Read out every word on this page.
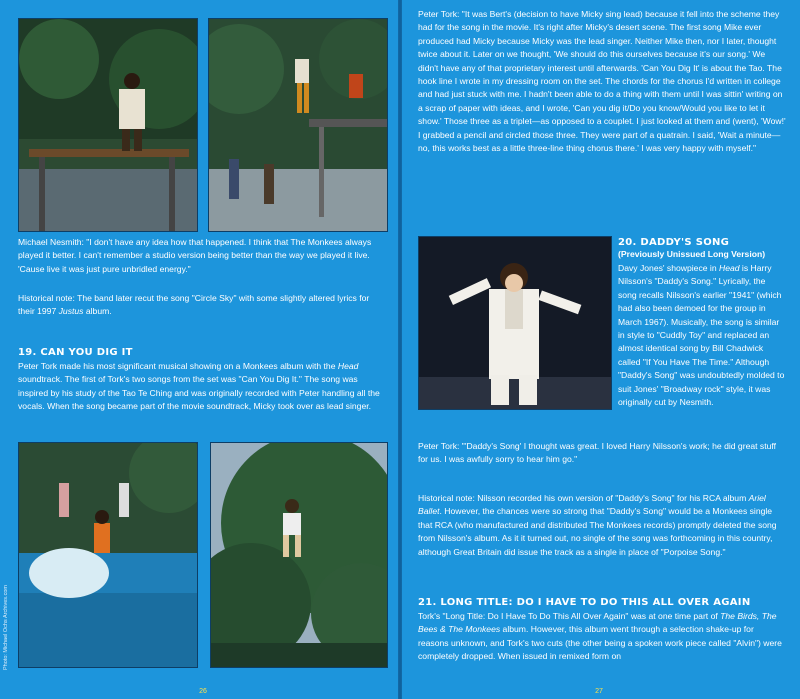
Michael Nesmith: "I don't have any idea how that happened. I think that The Monkees always played it better. I can't remember a studio version being better than the way we played it live. 'Cause live it was just pure unbridled energy."

Historical note: The band later recut the song "Circle Sky" with some slightly altered lyrics for their 1997 Justus album.

19. CAN YOU DIG IT

Peter Tork made his most significant musical showing on a Monkees album with the Head soundtrack. The first of Tork's two songs from the set was "Can You Dig It." The song was inspired by his study of the Tao Te Ching and was originally recorded with Peter handling all the vocals. When the song became part of the movie soundtrack, Micky took over as lead singer.

Photo: Michael Ochs Archives.com
26

Peter Tork: "It was Bert's (decision to have Micky sing lead) because it fell into the scheme they had for the song in the movie. It's right after Micky's desert scene. The first song Mike ever produced had Micky because Micky was the lead singer. Neither Mike then, nor I later, thought twice about it. Later on we thought, 'We should do this ourselves because it's our song.' We didn't have any of that proprietary interest until afterwards. 'Can You Dig It' is about the Tao. The hook line I wrote in my dressing room on the set. The chords for the chorus I'd written in college and had just stuck with me. I hadn't been able to do a thing with them until I was sittin' writing on a scrap of paper with ideas, and I wrote, 'Can you dig it/Do you know/Would you like to let it show.' Those three as a triplet—as opposed to a couplet. I just looked at them and (went), 'Wow!' I grabbed a pencil and circled those three. They were part of a quatrain. I said, 'Wait a minute—no, this works best as a little three-line thing chorus there.' I was very happy with myself."

20. DADDY'S SONG
(Previously Unissued Long Version)

Davy Jones' showpiece in Head is Harry Nilsson's "Daddy's Song." Lyrically, the song recalls Nilsson's earlier "1941" (which had also been demoed for the group in March 1967). Musically, the song is similar in style to "Cuddly Toy" and replaced an almost identical song by Bill Chadwick called "If You Have The Time." Although "Daddy's Song" was undoubtedly molded to suit Jones' "Broadway rock" style, it was originally cut by Nesmith.

Peter Tork: "'Daddy's Song' I thought was great. I loved Harry Nilsson's work; he did great stuff for us. I was awfully sorry to hear him go."

Historical note: Nilsson recorded his own version of "Daddy's Song" for his RCA album Ariel Ballet. However, the chances were so strong that "Daddy's Song" would be a Monkees single that RCA (who manufactured and distributed The Monkees records) promptly deleted the song from Nilsson's album. As it it turned out, no single of the song was forthcoming in this country, although Great Britain did issue the track as a single in place of "Porpoise Song."

21. LONG TITLE: DO I HAVE TO DO THIS ALL OVER AGAIN

Tork's "Long Title: Do I Have To Do This All Over Again" was at one time part of The Birds, The Bees & The Monkees album. However, this album went through a selection shake-up for reasons unknown, and Tork's two cuts (the other being a spoken work piece called "Alvin") were completely dropped. When issued in remixed form on

27
